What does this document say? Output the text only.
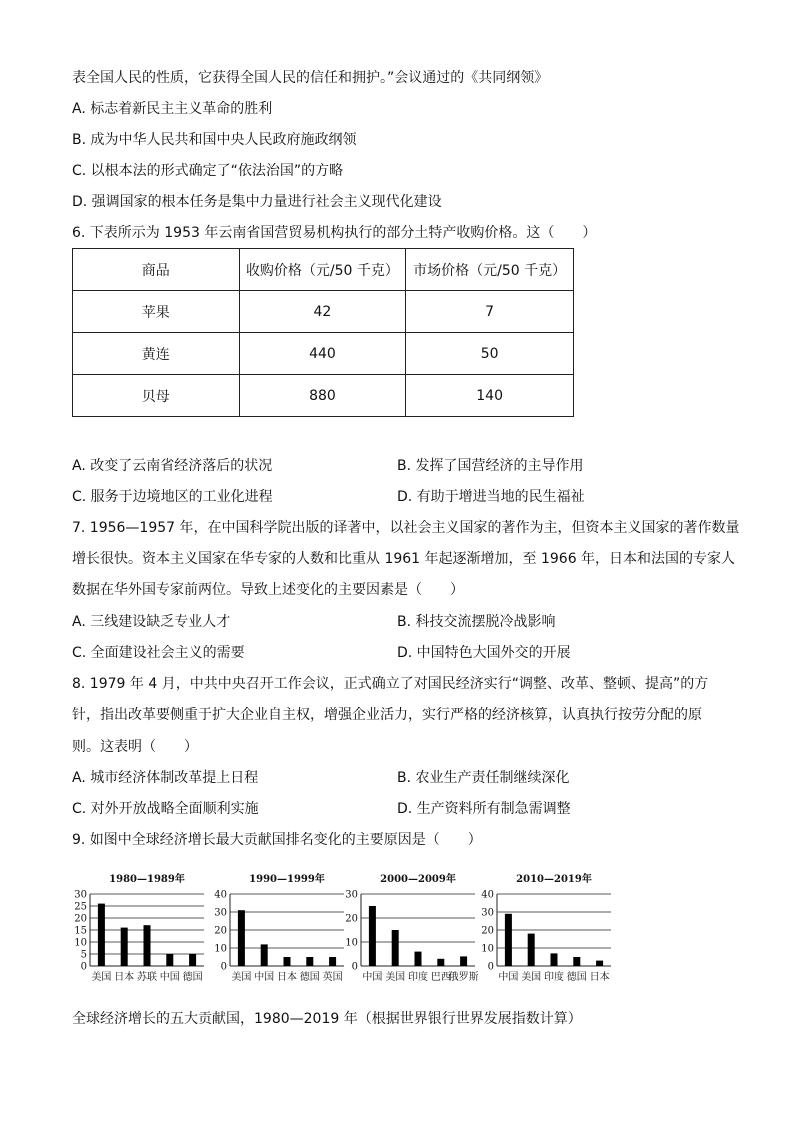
表全国人民的性质，它获得全国人民的信任和拥护。”会议通过的《共同纲领》
A. 标志着新民主主义革命的胜利
B. 成为中华人民共和国中央人民政府施政纲领
C. 以根本法的形式确定了“依法治国”的方略
D. 强调国家的根本任务是集中力量进行社会主义现代化建设
6. 下表所示为 1953 年云南省国营贸易机构执行的部分土特产收购价格。这（　　）
商品	收购价格（元/50 千克）	市场价格（元/50 千克）
苹果	42	7
黄连	440	50
贝母	880	140
A. 改变了云南省经济落后的状况	B. 发挥了国营经济的主导作用
C. 服务于边境地区的工业化进程	D. 有助于增进当地的民生福祉
7. 1956—1957 年，在中国科学院出版的译著中，以社会主义国家的著作为主，但资本主义国家的著作数量
增长很快。资本主义国家在华专家的人数和比重从 1961 年起逐渐增加，至 1966 年，日本和法国的专家人
数据在华外国专家前两位。导致上述变化的主要因素是（　　）
A. 三线建设缺乏专业人才	B. 科技交流摆脱冷战影响
C. 全面建设社会主义的需要	D. 中国特色大国外交的开展
8. 1979 年 4 月，中共中央召开工作会议，正式确立了对国民经济实行“调整、改革、整顿、提高”的方
针，指出改革要侧重于扩大企业自主权，增强企业活力，实行严格的经济核算，认真执行按劳分配的原
则。这表明（　　）
A. 城市经济体制改革提上日程	B. 农业生产责任制继续深化
C. 对外开放战略全面顺利实施	D. 生产资料所有制急需调整
9. 如图中全球经济增长最大贡献国排名变化的主要原因是（　　）
1980—1989年
0
5
10
15
20
25
30
美国 日本 苏联 中国 德国
1990—1999年
0
10
20
30
40
美国 中国 日本 德国 英国
2000—2009年
0
10
20
30
中国 美国 印度 巴西
俄罗斯
2010—2019年
0
10
20
30
40
中国 美国 印度 德国 日本
全球经济增长的五大贡献国，1980—2019 年（根据世界银行世界发展指数计算）
